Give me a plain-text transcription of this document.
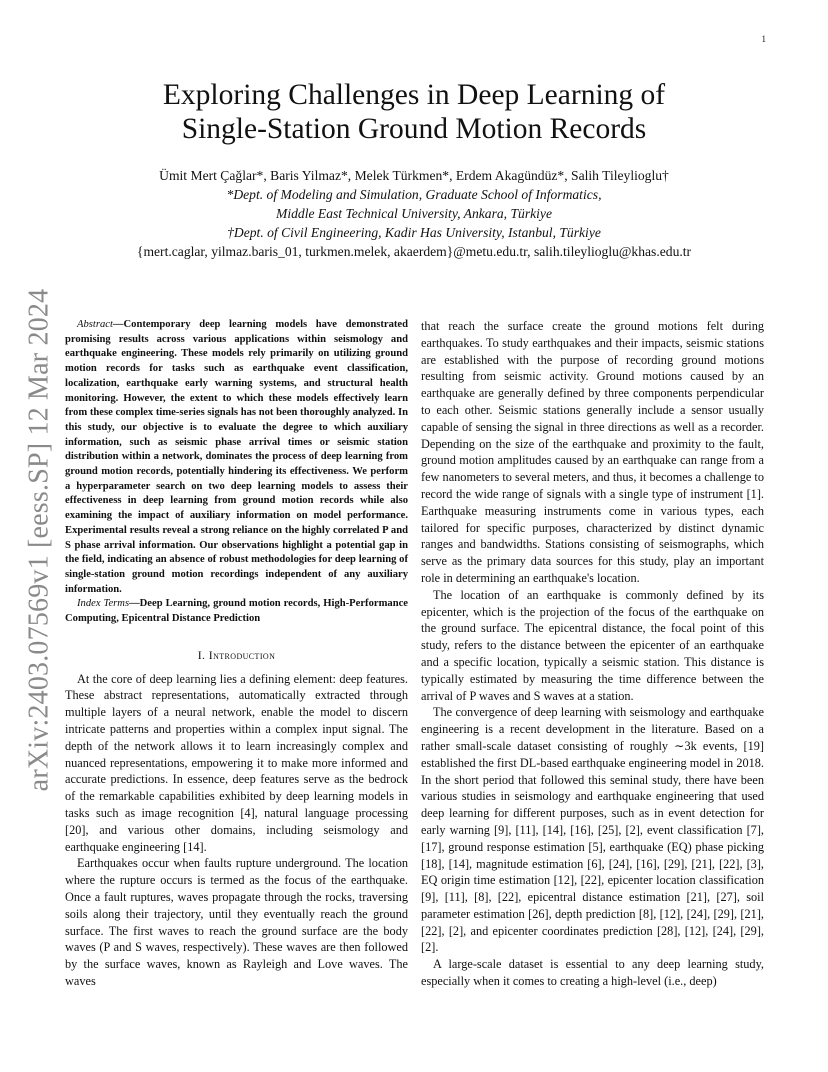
1
arXiv:2403.07569v1 [eess.SP] 12 Mar 2024
Exploring Challenges in Deep Learning of
Single-Station Ground Motion Records
Ümit Mert Çağlar*, Baris Yilmaz*, Melek Türkmen*, Erdem Akagündüz*, Salih Tileylioglu†
*Dept. of Modeling and Simulation, Graduate School of Informatics,
Middle East Technical University, Ankara, Türkiye
†Dept. of Civil Engineering, Kadir Has University, Istanbul, Türkiye
{mert.caglar, yilmaz.baris_01, turkmen.melek, akaerdem}@metu.edu.tr, salih.tileylioglu@khas.edu.tr

Abstract—Contemporary deep learning models have demonstrated promising results across various applications within seismology and earthquake engineering. These models rely primarily on utilizing ground motion records for tasks such as earthquake event classification, localization, earthquake early warning systems, and structural health monitoring. However, the extent to which these models effectively learn from these complex time-series signals has not been thoroughly analyzed. In this study, our objective is to evaluate the degree to which auxiliary information, such as seismic phase arrival times or seismic station distribution within a network, dominates the process of deep learning from ground motion records, potentially hindering its effectiveness. We perform a hyperparameter search on two deep learning models to assess their effectiveness in deep learning from ground motion records while also examining the impact of auxiliary information on model performance. Experimental results reveal a strong reliance on the highly correlated P and S phase arrival information. Our observations highlight a potential gap in the field, indicating an absence of robust methodologies for deep learning of single-station ground motion recordings independent of any auxiliary information.

Index Terms—Deep Learning, ground motion records, High-Performance Computing, Epicentral Distance Prediction

I. Introduction

At the core of deep learning lies a defining element: deep features. These abstract representations, automatically extracted through multiple layers of a neural network, enable the model to discern intricate patterns and properties within a complex input signal. The depth of the network allows it to learn increasingly complex and nuanced representations, empowering it to make more informed and accurate predictions. In essence, deep features serve as the bedrock of the remarkable capabilities exhibited by deep learning models in tasks such as image recognition [4], natural language processing [20], and various other domains, including seismology and earthquake engineering [14].

Earthquakes occur when faults rupture underground. The location where the rupture occurs is termed as the focus of the earthquake. Once a fault ruptures, waves propagate through the rocks, traversing soils along their trajectory, until they eventually reach the ground surface. The first waves to reach the ground surface are the body waves (P and S waves, respectively). These waves are then followed by the surface waves, known as Rayleigh and Love waves. The waves

that reach the surface create the ground motions felt during earthquakes. To study earthquakes and their impacts, seismic stations are established with the purpose of recording ground motions resulting from seismic activity. Ground motions caused by an earthquake are generally defined by three components perpendicular to each other. Seismic stations generally include a sensor usually capable of sensing the signal in three directions as well as a recorder. Depending on the size of the earthquake and proximity to the fault, ground motion amplitudes caused by an earthquake can range from a few nanometers to several meters, and thus, it becomes a challenge to record the wide range of signals with a single type of instrument [1]. Earthquake measuring instruments come in various types, each tailored for specific purposes, characterized by distinct dynamic ranges and bandwidths. Stations consisting of seismographs, which serve as the primary data sources for this study, play an important role in determining an earthquake's location.

The location of an earthquake is commonly defined by its epicenter, which is the projection of the focus of the earthquake on the ground surface. The epicentral distance, the focal point of this study, refers to the distance between the epicenter of an earthquake and a specific location, typically a seismic station. This distance is typically estimated by measuring the time difference between the arrival of P waves and S waves at a station.

The convergence of deep learning with seismology and earthquake engineering is a recent development in the literature. Based on a rather small-scale dataset consisting of roughly ∼3k events, [19] established the first DL-based earthquake engineering model in 2018. In the short period that followed this seminal study, there have been various studies in seismology and earthquake engineering that used deep learning for different purposes, such as in event detection for early warning [9], [11], [14], [16], [25], [2], event classification [7], [17], ground response estimation [5], earthquake (EQ) phase picking [18], [14], magnitude estimation [6], [24], [16], [29], [21], [22], [3], EQ origin time estimation [12], [22], epicenter location classification [9], [11], [8], [22], epicentral distance estimation [21], [27], soil parameter estimation [26], depth prediction [8], [12], [24], [29], [21], [22], [2], and epicenter coordinates prediction [28], [12], [24], [29], [2].

A large-scale dataset is essential to any deep learning study, especially when it comes to creating a high-level (i.e., deep)
